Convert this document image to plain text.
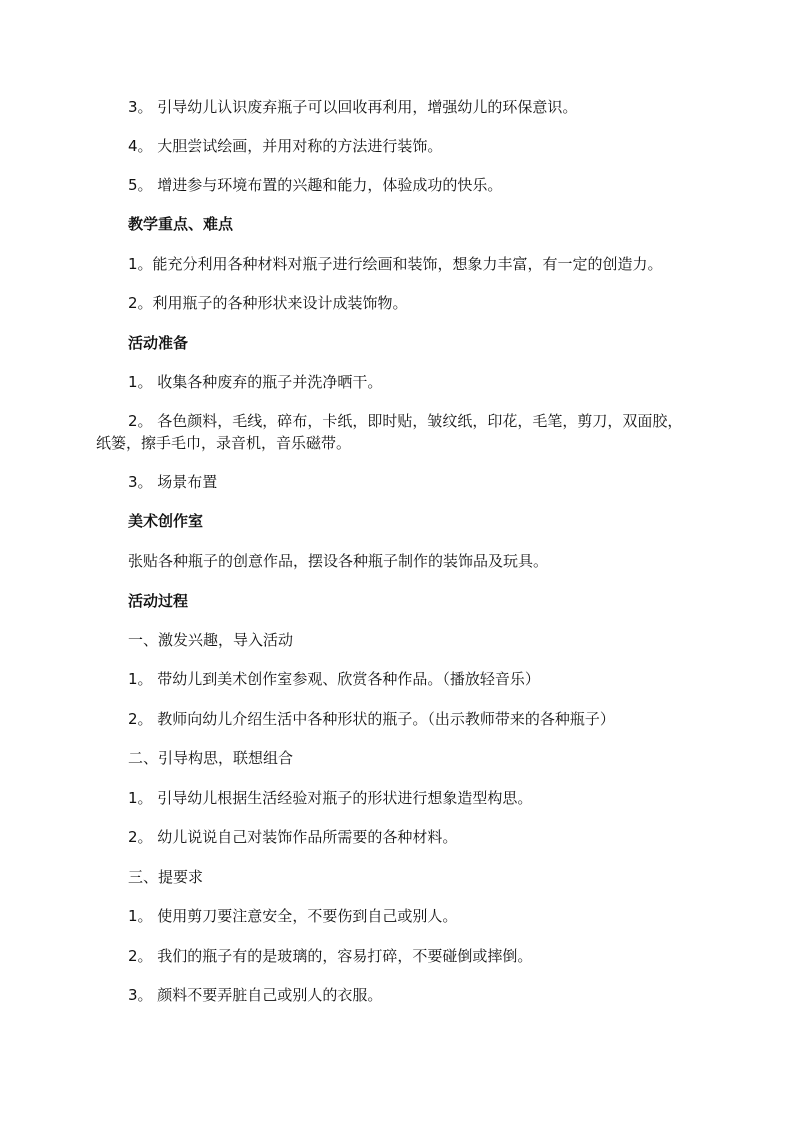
3。 引导幼儿认识废弃瓶子可以回收再利用，增强幼儿的环保意识。
4。 大胆尝试绘画，并用对称的方法进行装饰。
5。 增进参与环境布置的兴趣和能力，体验成功的快乐。
教学重点、难点
1。能充分利用各种材料对瓶子进行绘画和装饰，想象力丰富，有一定的创造力。
2。利用瓶子的各种形状来设计成装饰物。
活动准备
1。 收集各种废弃的瓶子并洗净晒干。
2。 各色颜料，毛线，碎布，卡纸，即时贴，皱纹纸，印花，毛笔，剪刀，双面胶，纸篓，擦手毛巾，录音机，音乐磁带。
3。 场景布置
美术创作室
张贴各种瓶子的创意作品，摆设各种瓶子制作的装饰品及玩具。
活动过程
一、激发兴趣，导入活动
1。 带幼儿到美术创作室参观、欣赏各种作品。（播放轻音乐）
2。 教师向幼儿介绍生活中各种形状的瓶子。（出示教师带来的各种瓶子）
二、引导构思，联想组合
1。 引导幼儿根据生活经验对瓶子的形状进行想象造型构思。
2。 幼儿说说自己对装饰作品所需要的各种材料。
三、提要求
1。 使用剪刀要注意安全，不要伤到自己或别人。
2。 我们的瓶子有的是玻璃的，容易打碎，不要碰倒或摔倒。
3。 颜料不要弄脏自己或别人的衣服。
